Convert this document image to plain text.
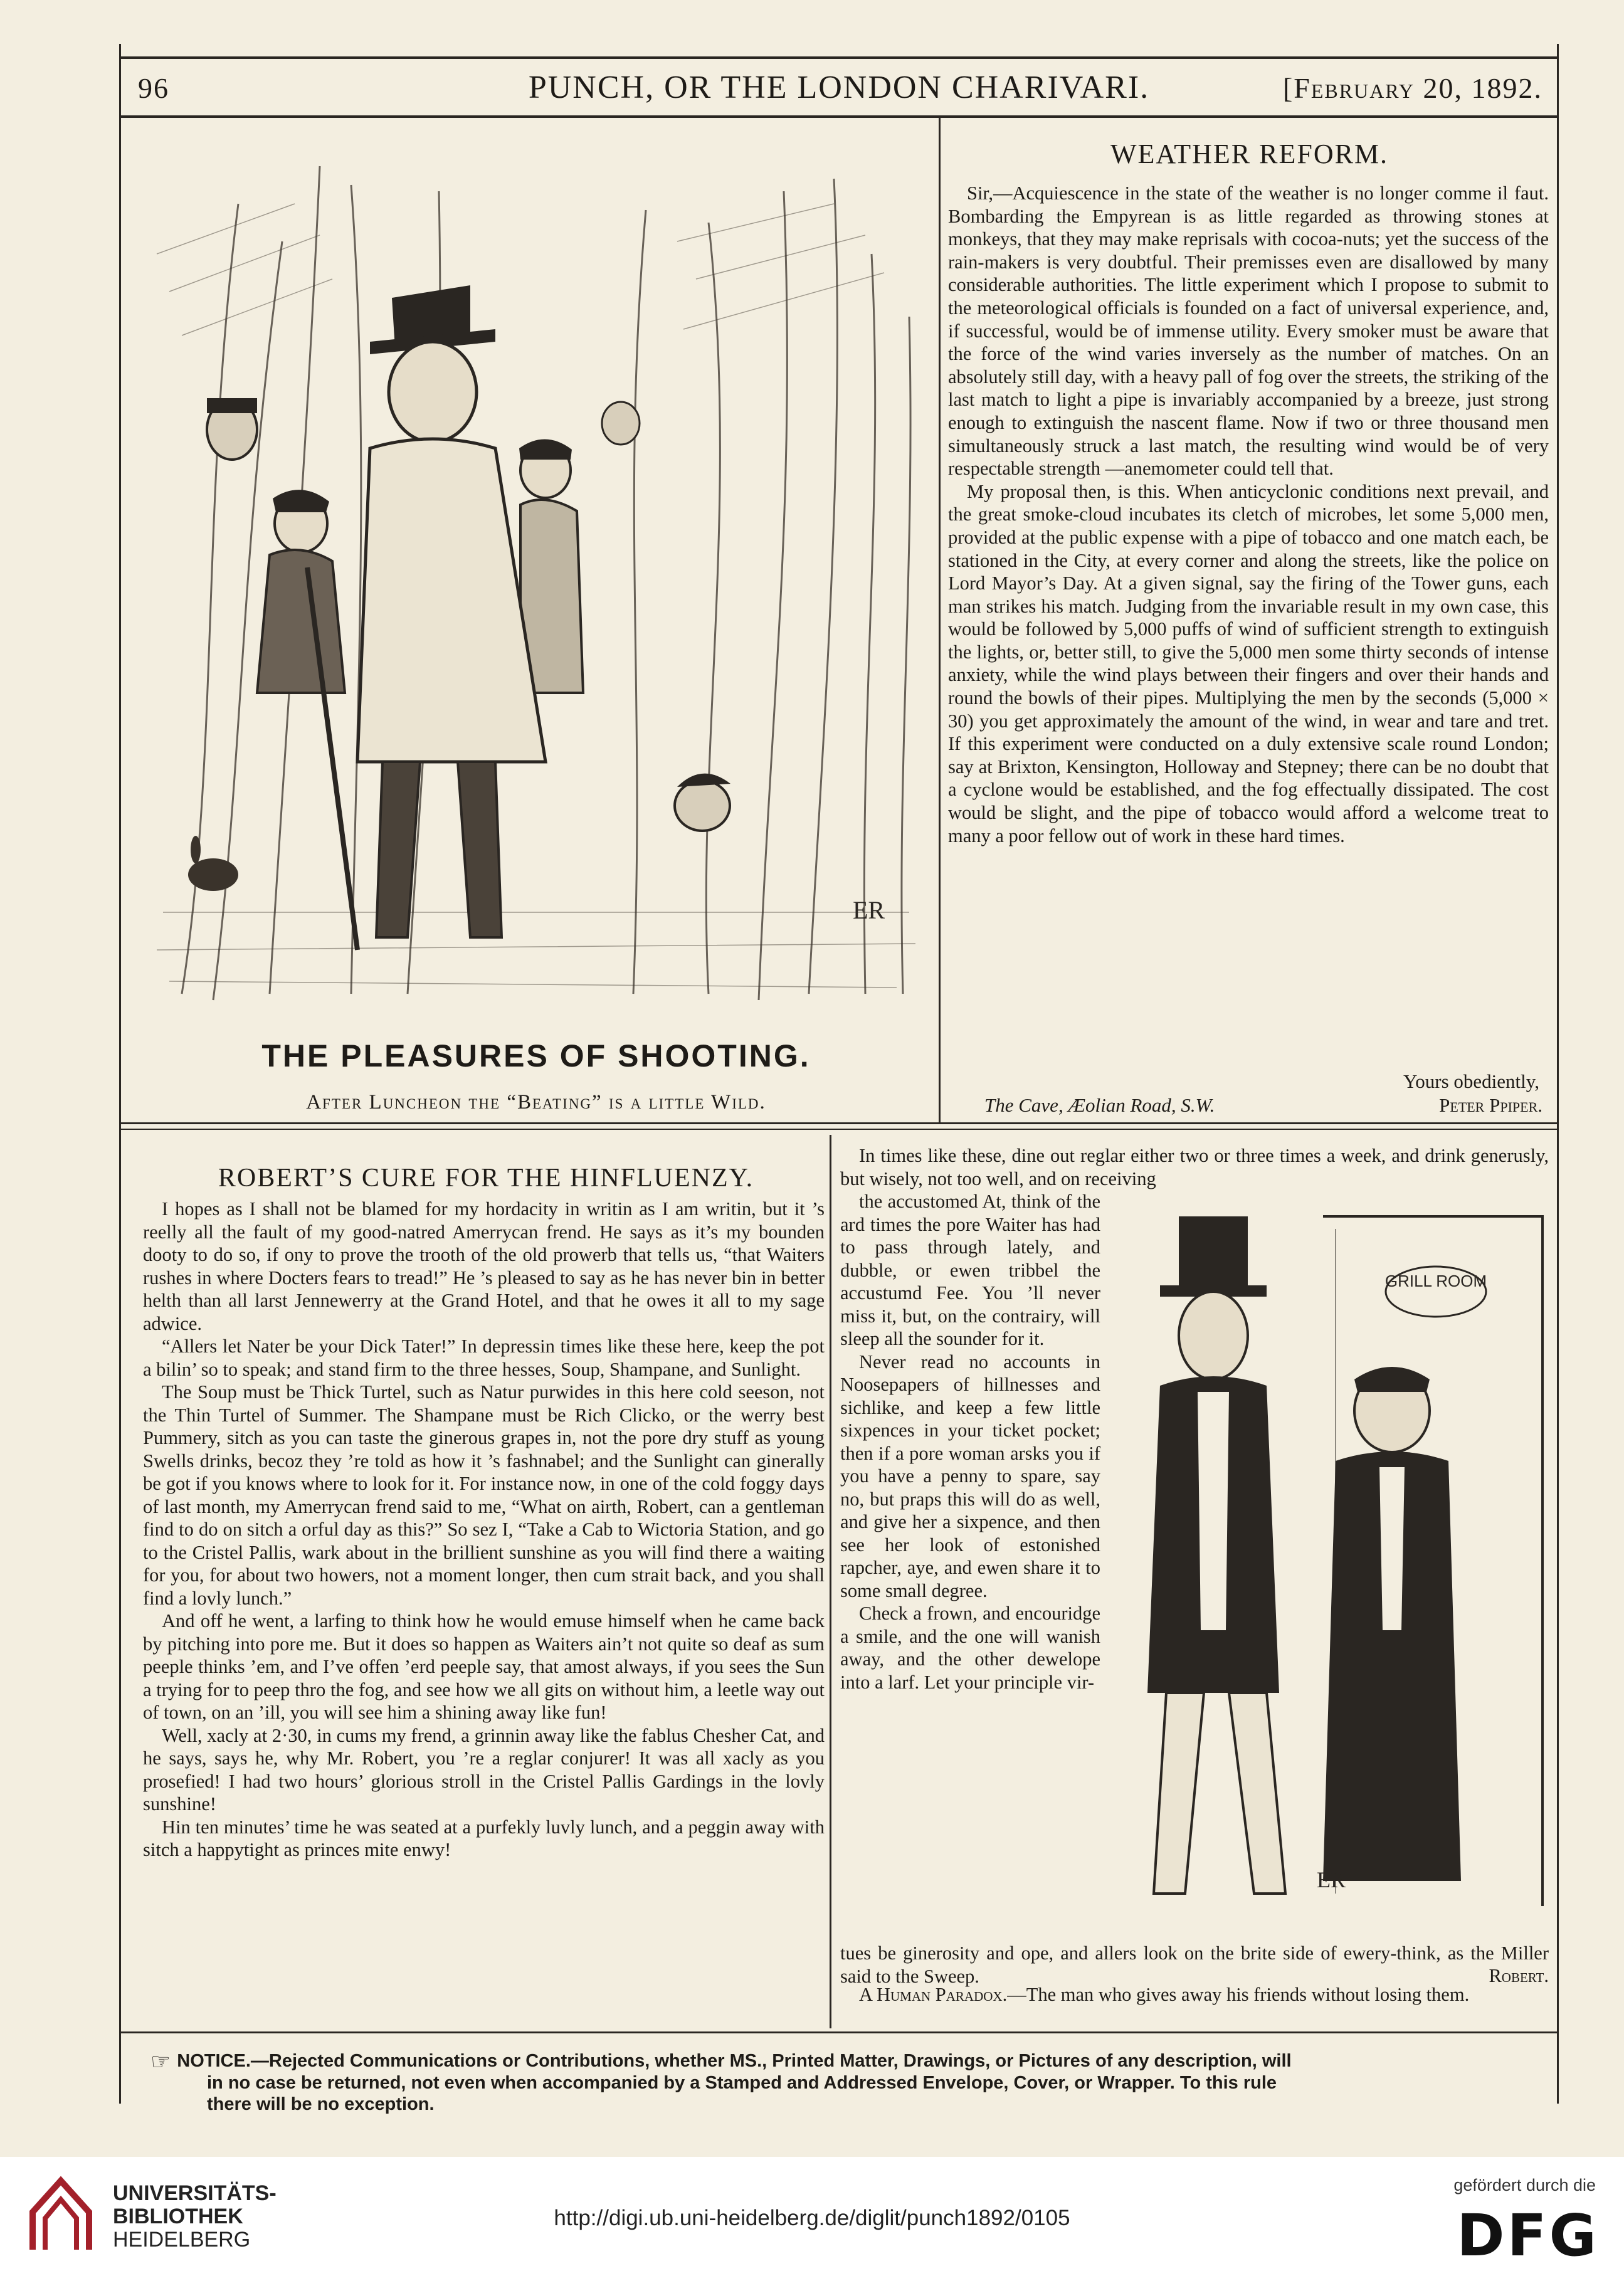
96	PUNCH, OR THE LONDON CHARIVARI.	[February 20, 1892.
ER
THE PLEASURES OF SHOOTING.
After Luncheon the “Beating” is a little Wild.
WEATHER REFORM.

Sir,—Acquiescence in the state of the weather is no longer comme il faut. Bombarding the Empyrean is as little regarded as throwing stones at monkeys, that they may make reprisals with cocoa-nuts; yet the success of the rain-makers is very doubtful. Their premisses even are disallowed by many considerable authorities. The little experiment which I propose to submit to the meteorological officials is founded on a fact of universal experience, and, if successful, would be of immense utility. Every smoker must be aware that the force of the wind varies inversely as the number of matches. On an absolutely still day, with a heavy pall of fog over the streets, the striking of the last match to light a pipe is invariably accompanied by a breeze, just strong enough to extinguish the nascent flame. Now if two or three thousand men simultaneously struck a last match, the resulting wind would be of very respectable strength —anemometer could tell that.

My proposal then, is this. When anticyclonic conditions next prevail, and the great smoke-cloud incubates its cletch of microbes, let some 5,000 men, provided at the public expense with a pipe of tobacco and one match each, be stationed in the City, at every corner and along the streets, like the police on Lord Mayor’s Day. At a given signal, say the firing of the Tower guns, each man strikes his match. Judging from the invariable result in my own case, this would be followed by 5,000 puffs of wind of sufficient strength to extinguish the lights, or, better still, to give the 5,000 men some thirty seconds of intense anxiety, while the wind plays between their fingers and over their hands and round the bowls of their pipes. Multiplying the men by the seconds (5,000 × 30) you get approximately the amount of the wind, in wear and tare and tret. If this experiment were conducted on a duly extensive scale round London; say at Brixton, Kensington, Holloway and Stepney; there can be no doubt that a cyclone would be established, and the fog effectually dissipated. The cost would be slight, and the pipe of tobacco would afford a welcome treat to many a poor fellow out of work in these hard times.

Yours obediently,
The Cave, Æolian Road, S.W.	Peter Ppiper.
ROBERT’S CURE FOR THE HINFLUENZY.

I hopes as I shall not be blamed for my hordacity in writin as I am writin, but it ’s reelly all the fault of my good-natred Amerrycan frend. He says as it’s my bounden dooty to do so, if ony to prove the trooth of the old prowerb that tells us, “that Waiters rushes in where Docters fears to tread!” He ’s pleased to say as he has never bin in better helth than all larst Jennewerry at the Grand Hotel, and that he owes it all to my sage adwice.

“Allers let Nater be your Dick Tater!” In depressin times like these here, keep the pot a bilin’ so to speak; and stand firm to the three hesses, Soup, Shampane, and Sunlight.

The Soup must be Thick Turtel, such as Natur purwides in this here cold seeson, not the Thin Turtel of Summer. The Shampane must be Rich Clicko, or the werry best Pummery, sitch as you can taste the ginerous grapes in, not the pore dry stuff as young Swells drinks, becoz they ’re told as how it ’s fashnabel; and the Sunlight can ginerally be got if you knows where to look for it. For instance now, in one of the cold foggy days of last month, my Amerrycan frend said to me, “What on airth, Robert, can a gentleman find to do on sitch a orful day as this?” So sez I, “Take a Cab to Wictoria Station, and go to the Cristel Pallis, wark about in the brillient sunshine as you will find there a waiting for you, for about two howers, not a moment longer, then cum strait back, and you shall find a lovly lunch.”

And off he went, a larfing to think how he would emuse himself when he came back by pitching into pore me. But it does so happen as Waiters ain’t not quite so deaf as sum peeple thinks ’em, and I’ve offen ’erd peeple say, that amost always, if you sees the Sun a trying for to peep thro the fog, and see how we all gits on without him, a leetle way out of town, on an ’ill, you will see him a shining away like fun!

Well, xacly at 2·30, in cums my frend, a grinnin away like the fablus Chesher Cat, and he says, says he, why Mr. Robert, you ’re a reglar conjurer! It was all xacly as you prosefied! I had two hours’ glorious stroll in the Cristel Pallis Gardings in the lovly sunshine!

Hin ten minutes’ time he was seated at a purfekly luvly lunch, and a peggin away with sitch a happytight as princes mite enwy!

In times like these, dine out reglar either two or three times a week, and drink generusly, but wisely, not too well, and on receiving

the accustomed At, think of the ard times the pore Waiter has had to pass through lately, and dubble, or ewen tribbel the accustumd Fee. You ’ll never miss it, but, on the contrairy, will sleep all the sounder for it.

Never read no accounts in Noosepapers of hillnesses and sichlike, and keep a few little sixpences in your ticket pocket; then if a pore woman arsks you if you have a penny to spare, say no, but praps this will do as well, and give her a sixpence, and then see her look of estonished rapcher, aye, and ewen share it to some small degree.

Check a frown, and encouridge a smile, and the one will wanish away, and the other dewelope into a larf. Let your principle vir-

GRILL ROOM
ER
tues be ginerosity and ope, and allers look on the brite side of ewery-think, as the Miller said to the Sweep.	Robert.
A Human Paradox.—The man who gives away his friends without losing them.
☞ NOTICE.—Rejected Communications or Contributions, whether MS., Printed Matter, Drawings, or Pictures of any description, will
in no case be returned, not even when accompanied by a Stamped and Addressed Envelope, Cover, or Wrapper. To this rule
there will be no exception.
UNIVERSITÄTS-
BIBLIOTHEK
HEIDELBERG
http://digi.ub.uni-heidelberg.de/diglit/punch1892/0105
gefördert durch die
DFG
